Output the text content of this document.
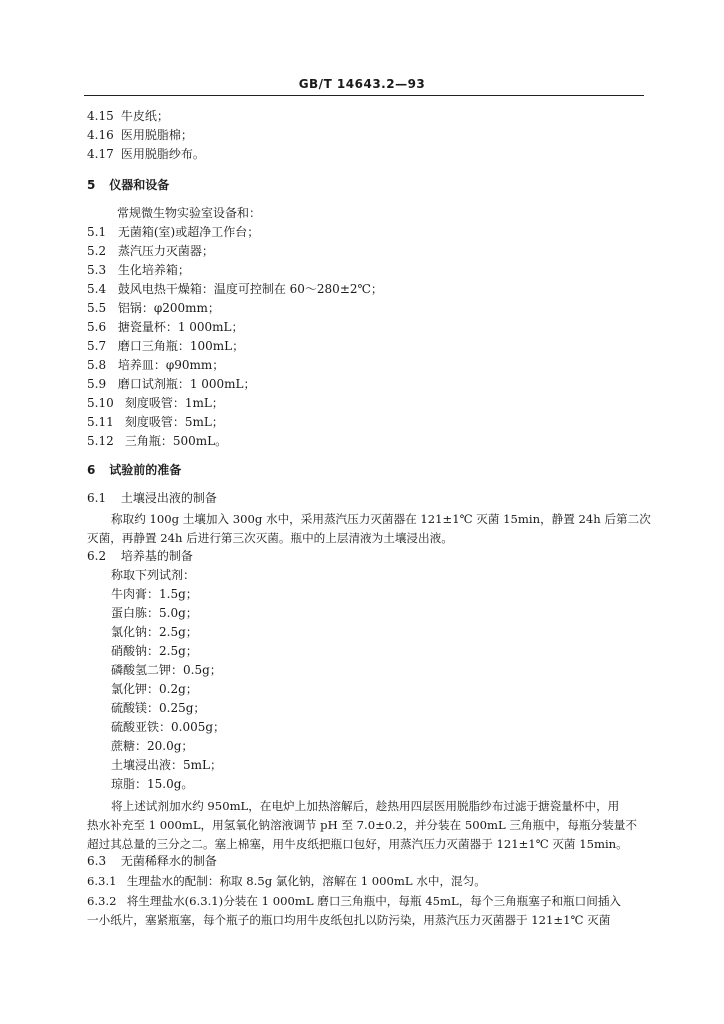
GB/T 14643.2—93
4.15 牛皮纸；
4.16 医用脱脂棉；
4.17 医用脱脂纱布。
5 仪器和设备
常规微生物实验室设备和：
5.1 无菌箱(室)或超净工作台；
5.2 蒸汽压力灭菌器；
5.3 生化培养箱；
5.4 鼓风电热干燥箱：温度可控制在 60～280±2℃；
5.5 铝锅：φ200mm；
5.6 搪瓷量杯：1 000mL；
5.7 磨口三角瓶：100mL；
5.8 培养皿：φ90mm；
5.9 磨口试剂瓶：1 000mL；
5.10 刻度吸管：1mL；
5.11 刻度吸管：5mL；
5.12 三角瓶：500mL。
6 试验前的准备
6.1 土壤浸出液的制备
称取约 100g 土壤加入 300g 水中，采用蒸汽压力灭菌器在 121±1℃ 灭菌 15min，静置 24h 后第二次
灭菌，再静置 24h 后进行第三次灭菌。瓶中的上层清液为土壤浸出液。
6.2 培养基的制备
称取下列试剂：
牛肉膏：1.5g；
蛋白胨：5.0g；
氯化钠：2.5g；
硝酸钠：2.5g；
磷酸氢二钾：0.5g；
氯化钾：0.2g；
硫酸镁：0.25g；
硫酸亚铁：0.005g；
蔗糖：20.0g；
土壤浸出液：5mL；
琼脂：15.0g。
将上述试剂加水约 950mL，在电炉上加热溶解后，趁热用四层医用脱脂纱布过滤于搪瓷量杯中，用
热水补充至 1 000mL，用氢氧化钠溶液调节 pH 至 7.0±0.2，并分装在 500mL 三角瓶中，每瓶分装量不
超过其总量的三分之二。塞上棉塞，用牛皮纸把瓶口包好，用蒸汽压力灭菌器于 121±1℃ 灭菌 15min。
6.3 无菌稀释水的制备
6.3.1 生理盐水的配制：称取 8.5g 氯化钠，溶解在 1 000mL 水中，混匀。
6.3.2 将生理盐水(6.3.1)分装在 1 000mL 磨口三角瓶中，每瓶 45mL，每个三角瓶塞子和瓶口间插入
一小纸片，塞紧瓶塞，每个瓶子的瓶口均用牛皮纸包扎以防污染，用蒸汽压力灭菌器于 121±1℃ 灭菌
